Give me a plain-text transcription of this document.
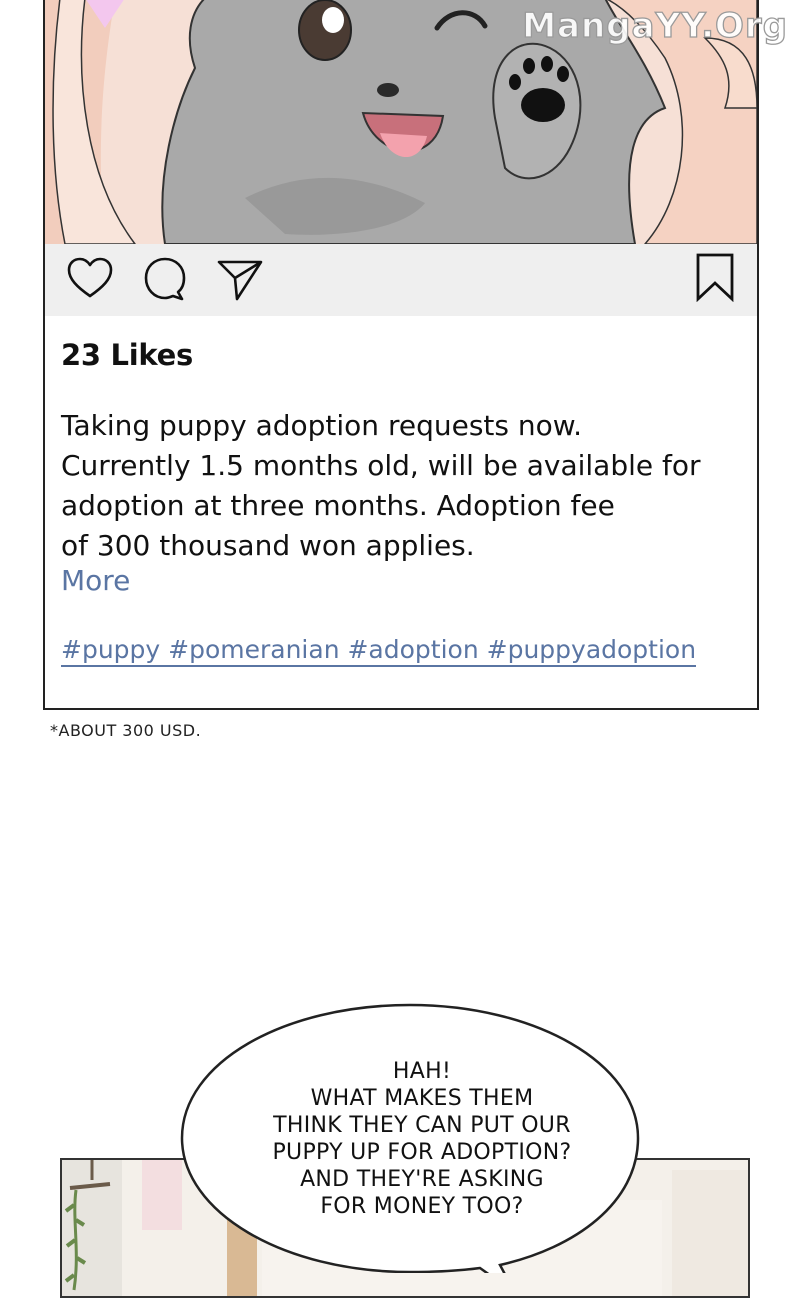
23 Likes
Taking puppy adoption requests now.
Currently 1.5 months old, will be available for
adoption at three months. Adoption fee
of 300 thousand won applies.
More
#puppy #pomeranian #adoption #puppyadoption
MangaYY.Org
*ABOUT 300 USD.
HAH!
WHAT MAKES THEM
THINK THEY CAN PUT OUR
PUPPY UP FOR ADOPTION?
AND THEY'RE ASKING
FOR MONEY TOO?
